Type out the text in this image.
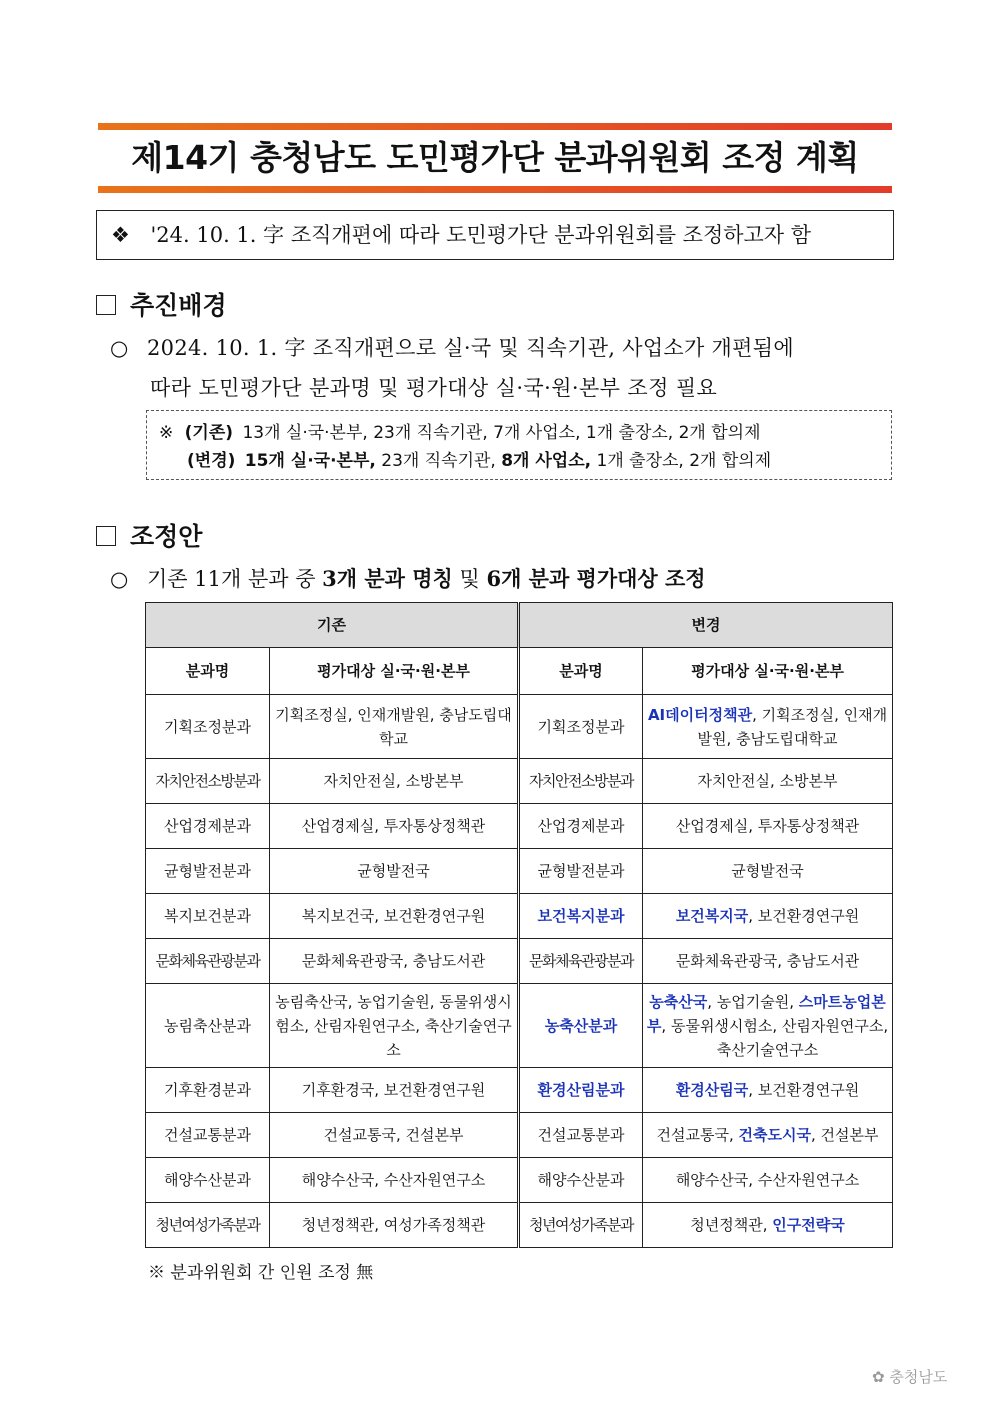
제14기 충청남도 도민평가단 분과위원회 조정 계획
❖ '24. 10. 1. 字 조직개편에 따라 도민평가단 분과위원회를 조정하고자 함
추진배경
○ 2024. 10. 1. 字 조직개편으로 실·국 및 직속기관, 사업소가 개편됨에
따라 도민평가단 분과명 및 평가대상 실·국·원·본부 조정 필요
※ (기존) 13개 실·국·본부, 23개 직속기관, 7개 사업소, 1개 출장소, 2개 합의제
(변경) 15개 실·국·본부, 23개 직속기관, 8개 사업소, 1개 출장소, 2개 합의제
조정안
○ 기존 11개 분과 중 3개 분과 명칭 및 6개 분과 평가대상 조정
기존		변경	
분과명	평가대상 실·국·원·본부	분과명	평가대상 실·국·원·본부
기획조정분과	기획조정실, 인재개발원, 충남도립대학교	기획조정분과	AI데이터정책관, 기획조정실, 인재개발원, 충남도립대학교
자치안전소방분과	자치안전실, 소방본부	자치안전소방분과	자치안전실, 소방본부
산업경제분과	산업경제실, 투자통상정책관	산업경제분과	산업경제실, 투자통상정책관
균형발전분과	균형발전국	균형발전분과	균형발전국
복지보건분과	복지보건국, 보건환경연구원	보건복지분과	보건복지국, 보건환경연구원
문화체육관광분과	문화체육관광국, 충남도서관	문화체육관광분과	문화체육관광국, 충남도서관
농림축산분과	농림축산국, 농업기술원, 동물위생시험소, 산림자원연구소, 축산기술연구소	농축산분과	농축산국, 농업기술원, 스마트농업본부, 동물위생시험소, 산림자원연구소, 축산기술연구소
기후환경분과	기후환경국, 보건환경연구원	환경산림분과	환경산림국, 보건환경연구원
건설교통분과	건설교통국, 건설본부	건설교통분과	건설교통국, 건축도시국, 건설본부
해양수산분과	해양수산국, 수산자원연구소	해양수산분과	해양수산국, 수산자원연구소
청년여성가족분과	청년정책관, 여성가족정책관	청년여성가족분과	청년정책관, 인구전략국
※ 분과위원회 간 인원 조정 無
✿ 충청남도
